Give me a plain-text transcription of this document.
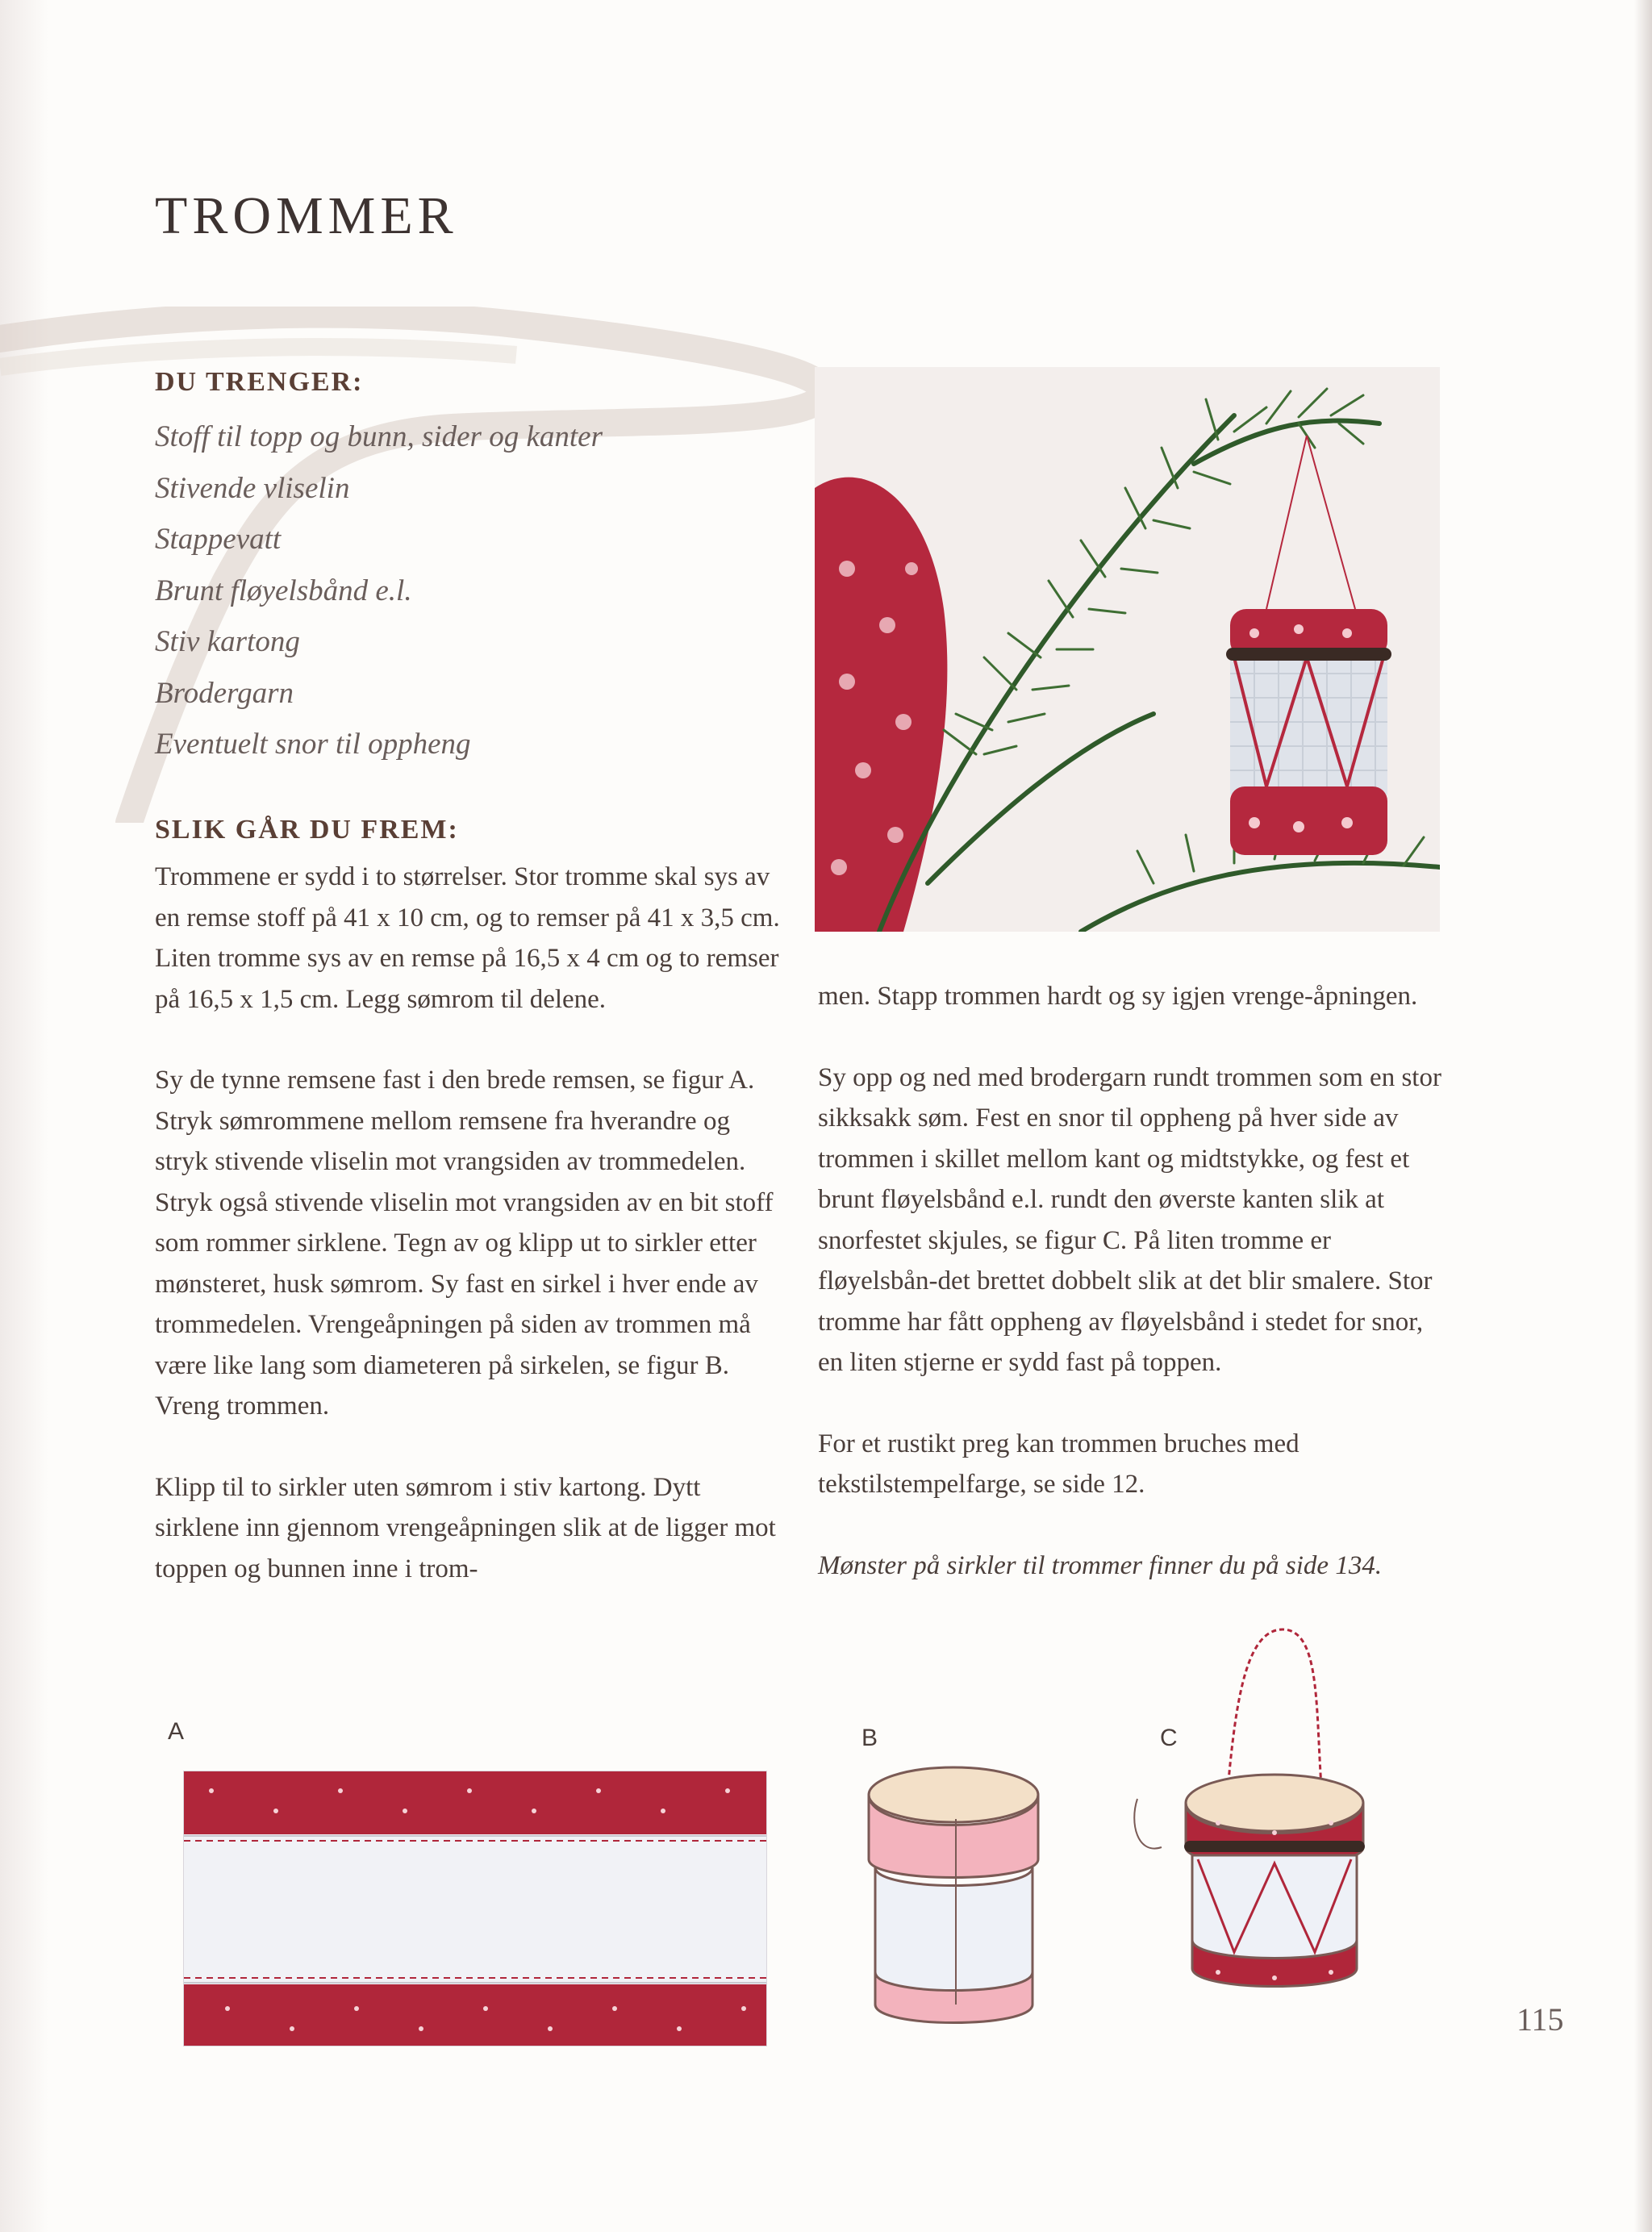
TROMMER
DU TRENGER:
Stoff til topp og bunn, sider og kanter
Stivende vliselin
Stappevatt
Brunt fløyelsbånd e.l.
Stiv kartong
Brodergarn
Eventuelt snor til oppheng
SLIK GÅR DU FREM:

Trommene er sydd i to størrelser. Stor tromme skal sys av en remse stoff på 41 x 10 cm, og to remser på 41 x 3,5 cm. Liten tromme sys av en remse på 16,5 x 4 cm og to remser på 16,5 x 1,5 cm. Legg sømrom til delene.

Sy de tynne remsene fast i den brede remsen, se figur A. Stryk sømrommene mellom remsene fra hverandre og stryk stivende vliselin mot vrangsiden av trommedelen. Stryk også stivende vliselin mot vrangsiden av en bit stoff som rommer sirklene. Tegn av og klipp ut to sirkler etter mønsteret, husk sømrom. Sy fast en sirkel i hver ende av trommedelen. Vrengeåpningen på siden av trommen må være like lang som diameteren på sirkelen, se figur B. Vreng trommen.

Klipp til to sirkler uten sømrom i stiv kartong. Dytt sirklene inn gjennom vrengeåpningen slik at de ligger mot toppen og bunnen inne i trom-

men. Stapp trommen hardt og sy igjen vrenge-åpningen.

Sy opp og ned med brodergarn rundt trommen som en stor sikksakk søm. Fest en snor til oppheng på hver side av trommen i skillet mellom kant og midtstykke, og fest et brunt fløyelsbånd e.l. rundt den øverste kanten slik at snorfestet skjules, se figur C. På liten tromme er fløyelsbån-det brettet dobbelt slik at det blir smalere. Stor tromme har fått oppheng av fløyelsbånd i stedet for snor, en liten stjerne er sydd fast på toppen.

For et rustikt preg kan trommen bruches med tekstilstempelfarge, se side 12.

Mønster på sirkler til trommer finner du på side 134.

A	B	C
115
